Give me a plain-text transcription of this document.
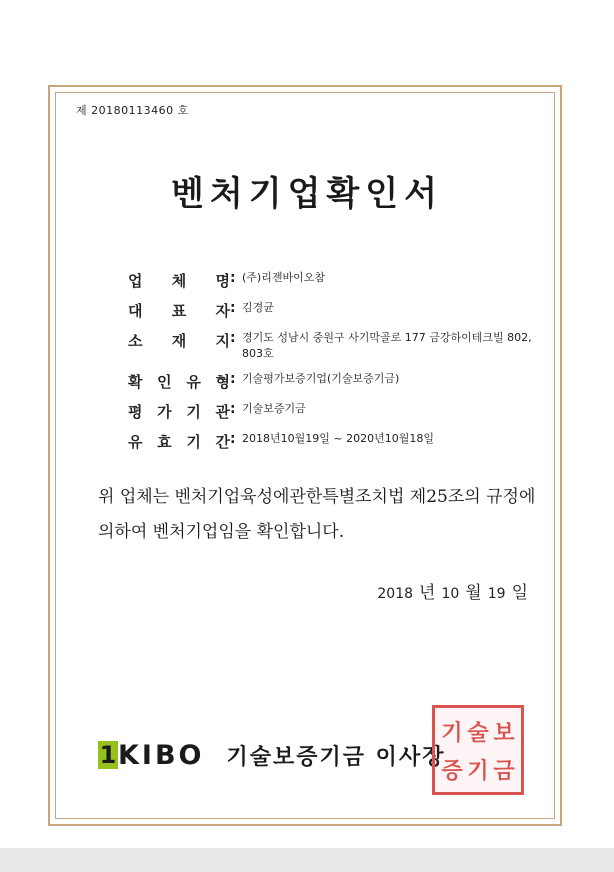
제 20180113460 호
벤처기업확인서
업 체 명 : (주)리젠바이오참
대 표 자 : 김경균
소 재 지 : 경기도 성남시 중원구 사기막골로 177 금강하이테크빌 802, 803호
확 인 유 형 : 기술평가보증기업(기술보증기금)
평 가 기 관 : 기술보증기금
유 효 기 간 : 2018년10월19일 ~ 2020년10월18일
위 업체는 벤처기업육성에관한특별조치법 제25조의 규정에 의하여 벤처기업임을 확인합니다.
2018 년 10 월 19 일
1 KIBO 기술보증기금 이사장
기 술 보
증 기 금
